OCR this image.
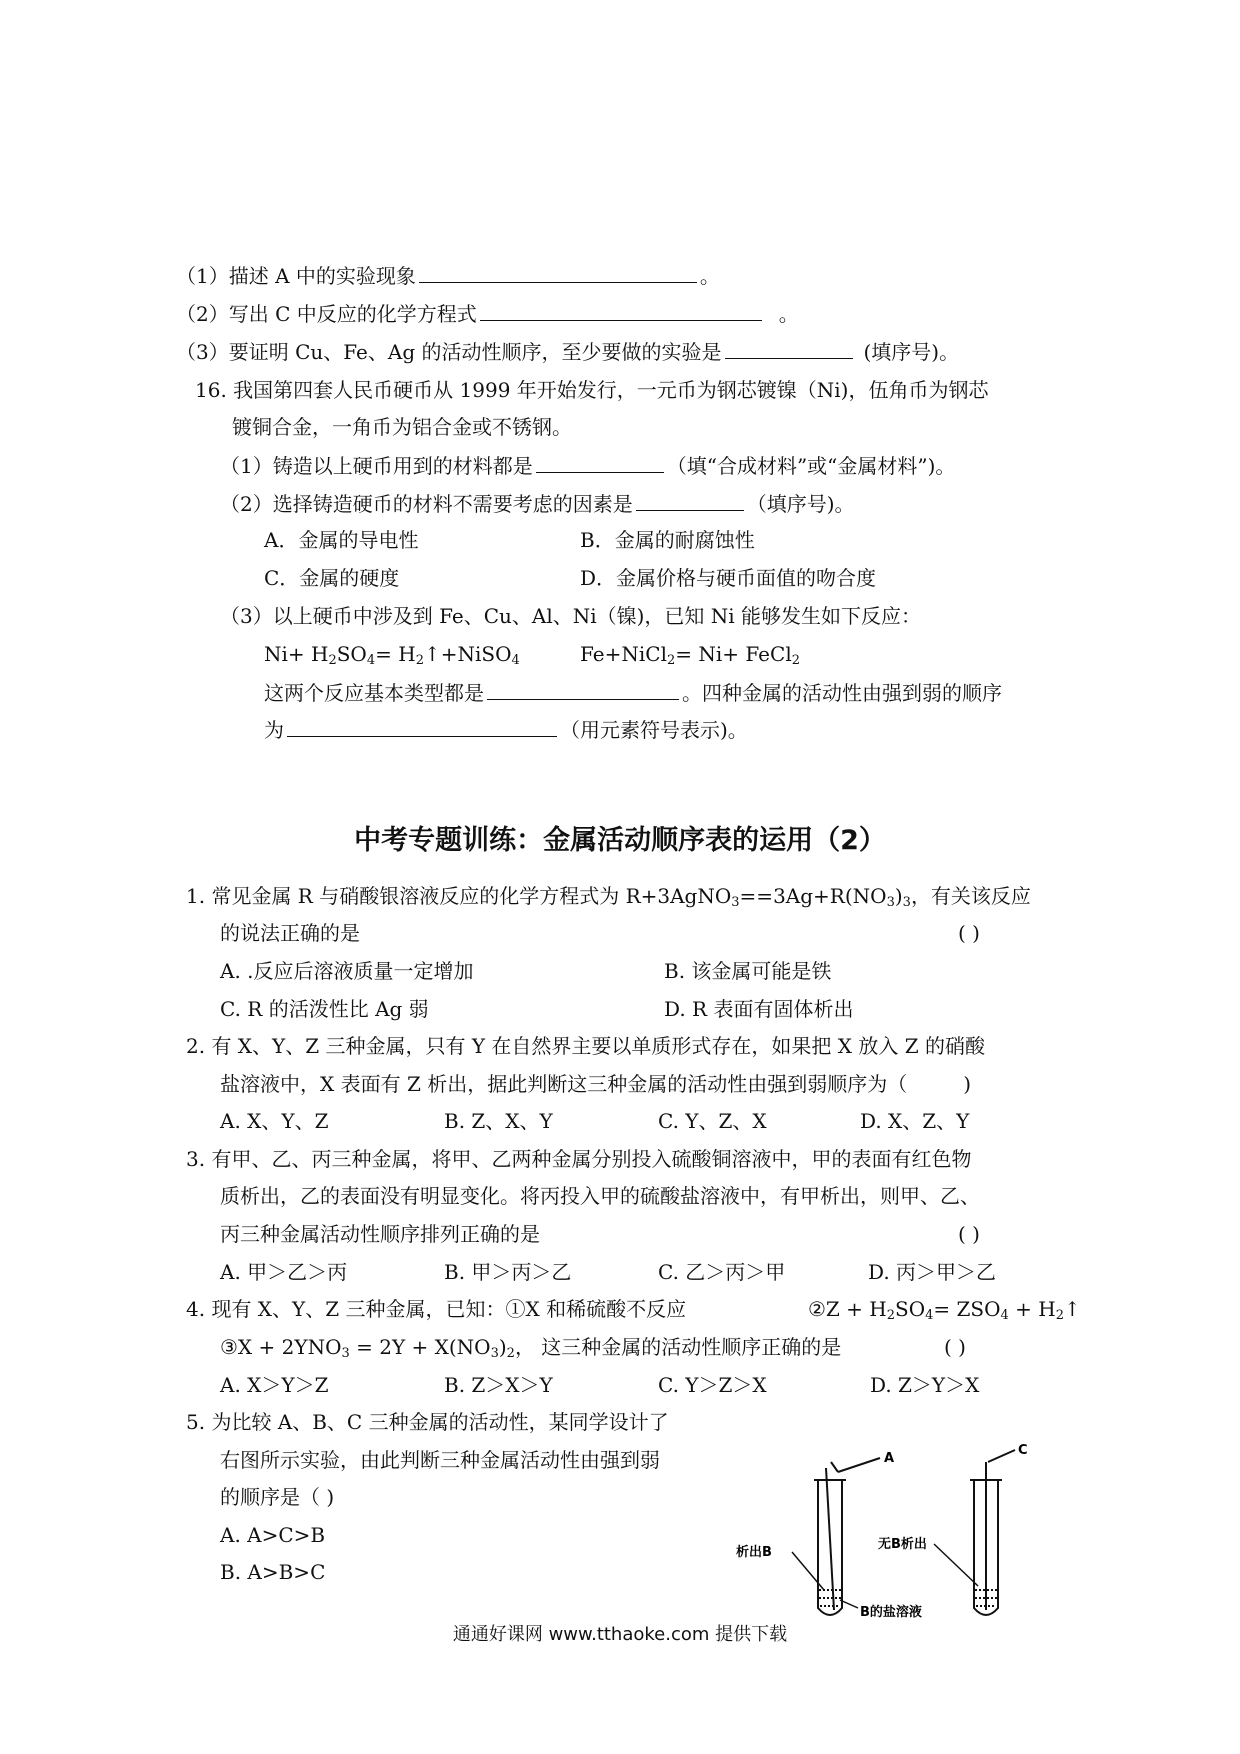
（1）描述 A 中的实验现象	。
（2）写出 C 中反应的化学方程式	。
（3）要证明 Cu、Fe、Ag 的活动性顺序，至少要做的实验是	(填序号)。
16. 我国第四套人民币硬币从 1999 年开始发行，一元币为钢芯镀镍（Ni)，伍角币为钢芯
镀铜合金，一角币为铝合金或不锈钢。
（1）铸造以上硬币用到的材料都是	（填“合成材料”或“金属材料”)。
（2）选择铸造硬币的材料不需要考虑的因素是	（填序号)。
A．金属的导电性	B．金属的耐腐蚀性
C．金属的硬度	D．金属价格与硬币面值的吻合度
（3）以上硬币中涉及到 Fe、Cu、Al、Ni（镍)，已知 Ni 能够发生如下反应：
$Ni+ H_2SO_4=$ $H_2↑+NiSO_4$	Fe+NiCl$_2$= Ni+ FeCl$_2$
这两个反应基本类型都是	。四种金属的活动性由强到弱的顺序
为	（用元素符号表示)。
中考专题训练：金属活动顺序表的运用（2）
1. 常见金属 R 与硝酸银溶液反应的化学方程式为 $R+3AgNO_3==3Ag+R(NO_3)_3$，有关该反应
的说法正确的是	( )
A. .反应后溶液质量一定增加	B. 该金属可能是铁
C. R 的活泼性比 Ag 弱	D. R 表面有固体析出
2. 有 X、Y、Z 三种金属，只有 Y 在自然界主要以单质形式存在，如果把 X 放入 Z 的硝酸
盐溶液中，X 表面有 Z 析出，据此判断这三种金属的活动性由强到弱顺序为（	)
A. X、Y、Z	B. Z、X、Y	C. Y、Z、X	D. X、Z、Y
3. 有甲、乙、丙三种金属，将甲、乙两种金属分别投入硫酸铜溶液中，甲的表面有红色物
质析出，乙的表面没有明显变化。将丙投入甲的硫酸盐溶液中，有甲析出，则甲、乙、
丙三种金属活动性顺序排列正确的是	( )
A. 甲＞乙＞丙	B. 甲＞丙＞乙	C. 乙＞丙＞甲	D. 丙＞甲＞乙
4. 现有 X、Y、Z 三种金属，已知：①X 和稀硫酸不反应	②Z + $H_2SO_4= ZSO_4$ + $H_2↑$
③X + $2YNO_3 = 2Y + X(NO_3)_2$， 这三种金属的活动性顺序正确的是	( )
A. X＞Y＞Z	B. Z＞X＞Y	C. Y＞Z＞X	D. Z＞Y＞X
5. 为比较 A、B、C 三种金属的活动性，某同学设计了
右图所示实验，由此判断三种金属活动性由强到弱
的顺序是（ )
A. A>C>B
B. A>B>C
A
C
析出B
无B析出
B的盐溶液
通通好课网 www.tthaoke.com 提供下载
